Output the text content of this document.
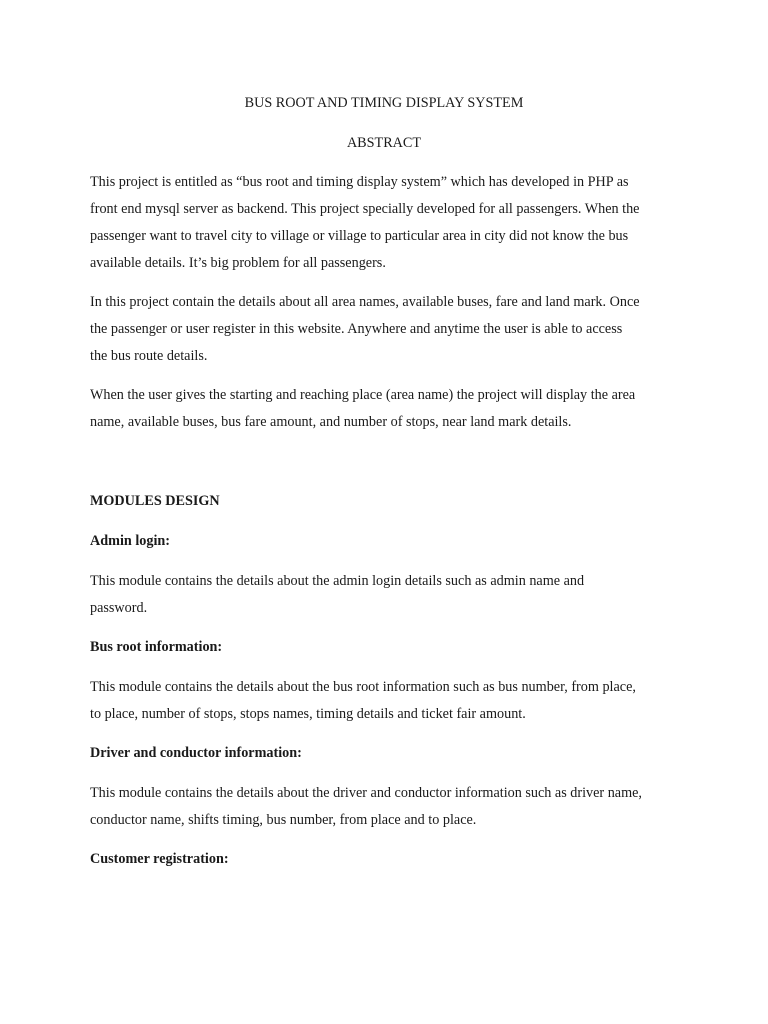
BUS ROOT AND TIMING DISPLAY SYSTEM

ABSTRACT

This project is entitled as “bus root and timing display system” which has developed in PHP as

front end mysql server as backend. This project specially developed for all passengers. When the

passenger want to travel city to village or village to particular area in city did not know the bus

available details. It’s big problem for all passengers.

In this project contain the details about all area names, available buses, fare and land mark. Once

the passenger or user register in this website. Anywhere and anytime the user is able to access

the bus route details.

When the user gives the starting and reaching place (area name) the project will display the area

name, available buses, bus fare amount, and number of stops, near land mark details.

MODULES DESIGN

Admin login:

This module contains the details about the admin login details such as admin name and

password.

Bus root information:

This module contains the details about the bus root information such as bus number, from place,

to place, number of stops, stops names, timing details and ticket fair amount.

Driver and conductor information:

This module contains the details about the driver and conductor information such as driver name,

conductor name, shifts timing, bus number, from place and to place.

Customer registration:
